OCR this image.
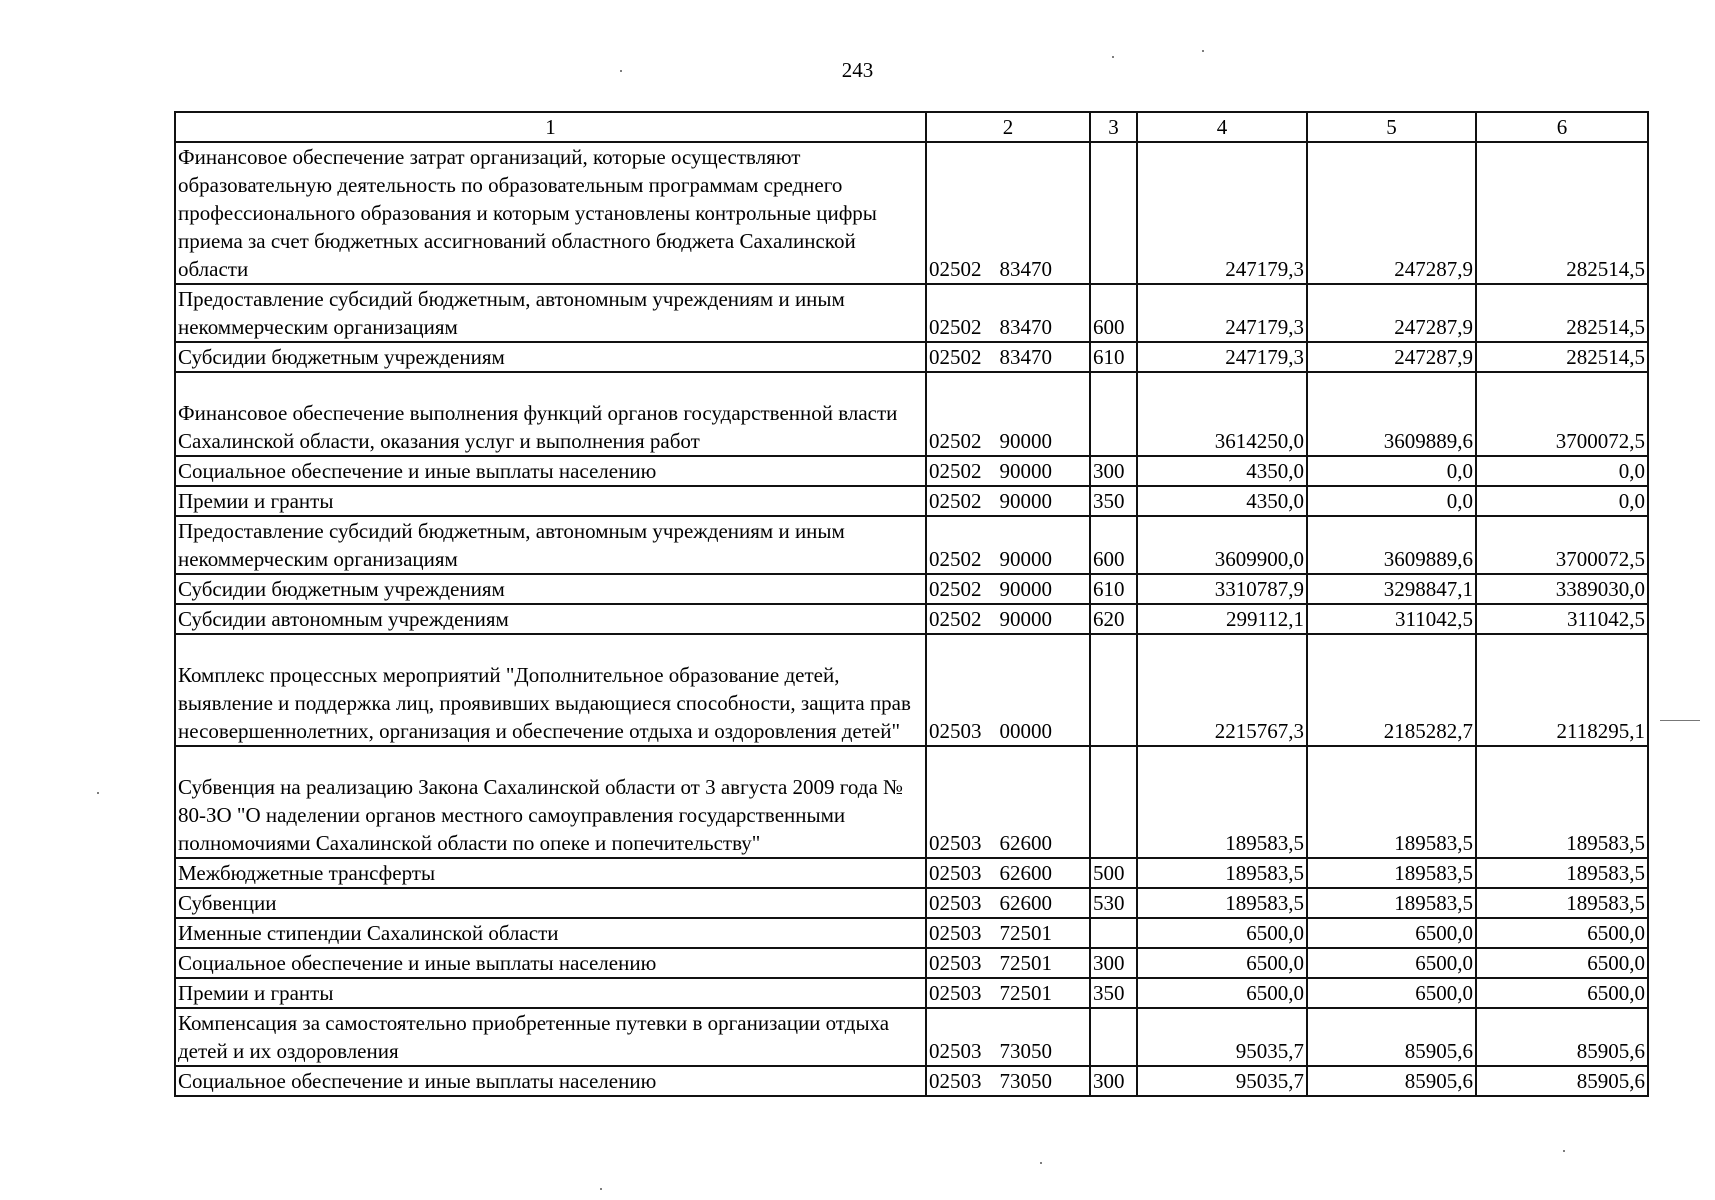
243
1	2	3	4	5	6
Финансовое обеспечение затрат организаций, которые осуществляют образовательную деятельность по образовательным программам среднего профессионального образования и которым установлены контрольные цифры приема за счет бюджетных ассигнований областного бюджета Сахалинской области	02502 83470		247179,3	247287,9	282514,5
Предоставление субсидий бюджетным, автономным учреждениям и иным некоммерческим организациям	02502 83470	600	247179,3	247287,9	282514,5
Субсидии бюджетным учреждениям	02502 83470	610	247179,3	247287,9	282514,5
Финансовое обеспечение выполнения функций органов государственной власти Сахалинской области, оказания услуг и выполнения работ	02502 90000		3614250,0	3609889,6	3700072,5
Социальное обеспечение и иные выплаты населению	02502 90000	300	4350,0	0,0	0,0
Премии и гранты	02502 90000	350	4350,0	0,0	0,0
Предоставление субсидий бюджетным, автономным учреждениям и иным некоммерческим организациям	02502 90000	600	3609900,0	3609889,6	3700072,5
Субсидии бюджетным учреждениям	02502 90000	610	3310787,9	3298847,1	3389030,0
Субсидии автономным учреждениям	02502 90000	620	299112,1	311042,5	311042,5
Комплекс процессных мероприятий "Дополнительное образование детей, выявление и поддержка лиц, проявивших выдающиеся способности, защита прав несовершеннолетних, организация и обеспечение отдыха и оздоровления детей"	02503 00000		2215767,3	2185282,7	2118295,1
Субвенция на реализацию Закона Сахалинской области от 3 августа 2009 года № 80-ЗО "О наделении органов местного самоуправления государственными полномочиями Сахалинской области по опеке и попечительству"	02503 62600		189583,5	189583,5	189583,5
Межбюджетные трансферты	02503 62600	500	189583,5	189583,5	189583,5
Субвенции	02503 62600	530	189583,5	189583,5	189583,5
Именные стипендии Сахалинской области	02503 72501		6500,0	6500,0	6500,0
Социальное обеспечение и иные выплаты населению	02503 72501	300	6500,0	6500,0	6500,0
Премии и гранты	02503 72501	350	6500,0	6500,0	6500,0
Компенсация за самостоятельно приобретенные путевки в организации отдыха детей и их оздоровления	02503 73050		95035,7	85905,6	85905,6
Социальное обеспечение и иные выплаты населению	02503 73050	300	95035,7	85905,6	85905,6
